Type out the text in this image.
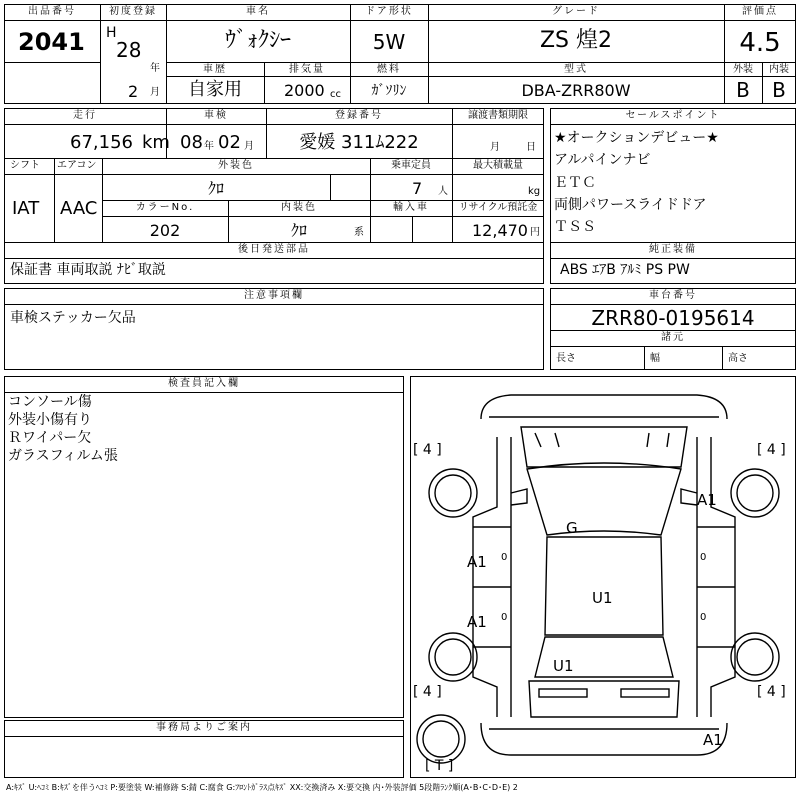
出品番号
2041
初度登録
H
28
年
2 月
車名
ｳﾞｫｸｼｰ
ドア形状
5W
グレード
ZS 煌2
評価点
4.5
車歴
自家用
排気量
2000 cc
燃料
ｶﾞｿﾘﾝ
型式
DBA-ZRR80W
外装
B
内装
B
走行
67,156 km
車検
08 年 02 月
登録番号
愛媛 311ﾑ222
譲渡書類期限
月	日
シフト エアコン
IAT AAC
外装色
ｸﾛ
乗車定員
7 人
最大積載量
kg
カラーNo.
202
内装色
ｸﾛ	系
輸入車	リサイクル預託金
12,470 円
後日発送部品
保証書 車両取説 ﾅﾋﾞ取説
セールスポイント
★オークションデビュー★
アルパインナビ
ＥＴＣ
両側パワースライドドア
ＴＳＳ
純正装備
ABS ｴｱB ｱﾙﾐ PS PW
注意事項欄
車検ステッカー欠品
車台番号
ZRR80-0195614
諸元
長さ	幅	高さ
検査員記入欄
コンソール傷
外装小傷有り
Ｒワイパー欠
ガラスフィルム張
事務局よりご案内
[ 4 ]	[ 4 ]
[ 4 ]	[ 4 ]
[ T ]
A1
G
A1
U1
A1
U1
A1
0
0
0
0
A:ｷｽﾞ U:ﾍｺﾐ B:ｷｽﾞを伴うﾍｺﾐ P:要塗装 W:補修跡 S:錆 C:腐食 G:ﾌﾛﾝﾄｶﾞﾗｽ点ｷｽﾞ XX:交換済み X:要交換 内･外装評価 5段階ﾗﾝｸ順(A･B･C･D･E) 2
